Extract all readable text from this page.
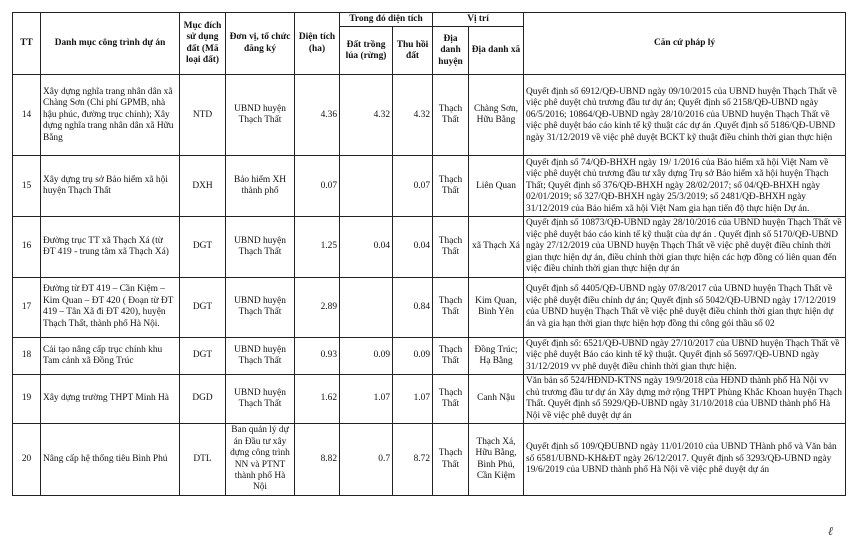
TT	Danh mục công trình dự án	Mục đích sử dụng đất (Mã loại đất)	Đơn vị, tổ chức đăng ký	Diện tích (ha)	Trong đó diện tích		Vị trí		Căn cứ pháp lý
					Đất trồng lúa (rừng)	Thu hồi đất	Địa danh huyện	Địa danh xã	
14	Xây dựng nghĩa trang nhân dân xã Chàng Sơn (Chi phí GPMB, nhà hậu phúc, đường trục chính); Xây dựng nghĩa trang nhân dân xã Hữu Bằng	NTD	UBND huyện Thạch Thất	4.36	4.32	4.32	Thạch Thất	Chàng Sơn, Hữu Bằng	Quyết định số 6912/QĐ-UBND ngày 09/10/2015 của UBND huyện Thạch Thất về việc phê duyệt chủ trương đầu tư dự án; Quyết định số 2158/QĐ-UBND ngày 06/5/2016; 10864/QĐ-UBND ngày 28/10/2016 của UBND huyện Thạch Thất về việc phê duyệt báo cáo kinh tế kỹ thuật các dự án .Quyết định số 5186/QĐ-UBND ngày 31/12/2019 về việc phê duyệt BCKT kỹ thuật điều chỉnh thời gian thực hiện
15	Xây dựng trụ sở Bảo hiểm xã hội huyện Thạch Thất	DXH	Bảo hiểm XH thành phố	0.07		0.07	Thạch Thất	Liên Quan	Quyết định số 74/QĐ-BHXH ngày 19/ 1/2016 của Bảo hiểm xã hội Việt Nam về việc phê duyệt chủ trương đầu tư xây dựng Trụ sở Bảo hiểm xã hội huyện Thạch Thất; Quyết định số 376/QĐ-BHXH ngày 28/02/2017; số 04/QĐ-BHXH ngày 02/01/2019; số 327/QĐ-BHXH ngày 25/3/2019; số 2481/QĐ-BHXH ngày 31/12/2019 của Bảo hiểm xã hội Việt Nam gia hạn tiến độ thực hiện Dự án.
16	Đường trục TT xã Thạch Xá (từ ĐT 419 - trung tâm xã Thạch Xá)	DGT	UBND huyện Thạch Thất	1.25	0.04	0.04	Thạch Thất	xã Thạch Xá	Quyết định số 10873/QĐ-UBND ngày 28/10/2016 của UBND huyện Thạch Thất về việc phê duyệt báo cáo kinh tế kỹ thuật của dự án . Quyết định số 5170/QĐ-UBND ngày 27/12/2019 của UBND huyện Thạch Thất về việc phê duyệt điều chỉnh thời gian thực hiện dự án, điều chỉnh thời gian thực hiện các hợp đồng có liên quan đến việc điều chỉnh thời gian thực hiện dự án
17	Đường từ ĐT 419 – Cần Kiệm – Kim Quan – ĐT 420 ( Đoạn từ ĐT 419 – Tân Xã đi ĐT 420), huyện Thạch Thất, thành phố Hà Nội.	DGT	UBND huyện Thạch Thất	2.89		0.84	Thạch Thất	Kim Quan, Bình Yên	Quyết định số 4405/QĐ-UBND ngày 07/8/2017 của UBND huyện Thạch Thất về việc phê duyệt điều chỉnh dự án; Quyết định số 5042/QĐ-UBND ngày 17/12/2019 của UBND huyện Thạch Thất về việc phê duyệt điều chỉnh thời gian thực hiện dự án và gia hạn thời gian thực hiện hợp đồng thi công gói thầu số 02
18	Cải tạo nâng cấp trục chính khu Tam cảnh xã Đồng Trúc	DGT	UBND huyện Thạch Thất	0.93	0.09	0.09	Thạch Thất	Đồng Trúc; Hạ Bằng	Quyết định số: 6521/QĐ-UBND ngày 27/10/2017 của UBND huyện Thạch Thất về việc phê duyệt Báo cáo kinh tế kỹ thuật. Quyết định số 5697/QĐ-UBND ngày 31/12/2019 vv phê duyệt điều chỉnh thời gian thực hiện.
19	Xây dựng trường THPT Minh Hà	DGD	UBND huyện Thạch Thất	1.62	1.07	1.07	Thạch Thất	Canh Nậu	Văn bản số 524/HĐND-KTNS ngày 19/9/2018 của HĐND thành phố Hà Nội vv chủ trương đầu tư dự án Xây dựng mở rộng THPT Phùng Khắc Khoan huyện Thạch Thất. Quyết định số 5929/QĐ-UBND ngày 31/10/2018 của UBND thành phố Hà Nội về việc phê duyệt dự án
20	Nâng cấp hệ thống tiêu Bình Phú	DTL	Ban quản lý dự án Đầu tư xây dựng công trình NN và PTNT thành phố Hà Nội	8.82	0.7	8.72	Thạch Thất	Thạch Xá, Hữu Bằng, Bình Phú, Cần Kiệm	Quyết định số 109/QĐUBND ngày 11/01/2010 của UBND THành phố và Văn bản số 6581/UBND-KH&ĐT ngày 26/12/2017. Quyết định số 3293/QĐ-UBND ngày 19/6/2019 của UBND thành phố Hà Nội về việc phê duyệt dự án
ℓ
